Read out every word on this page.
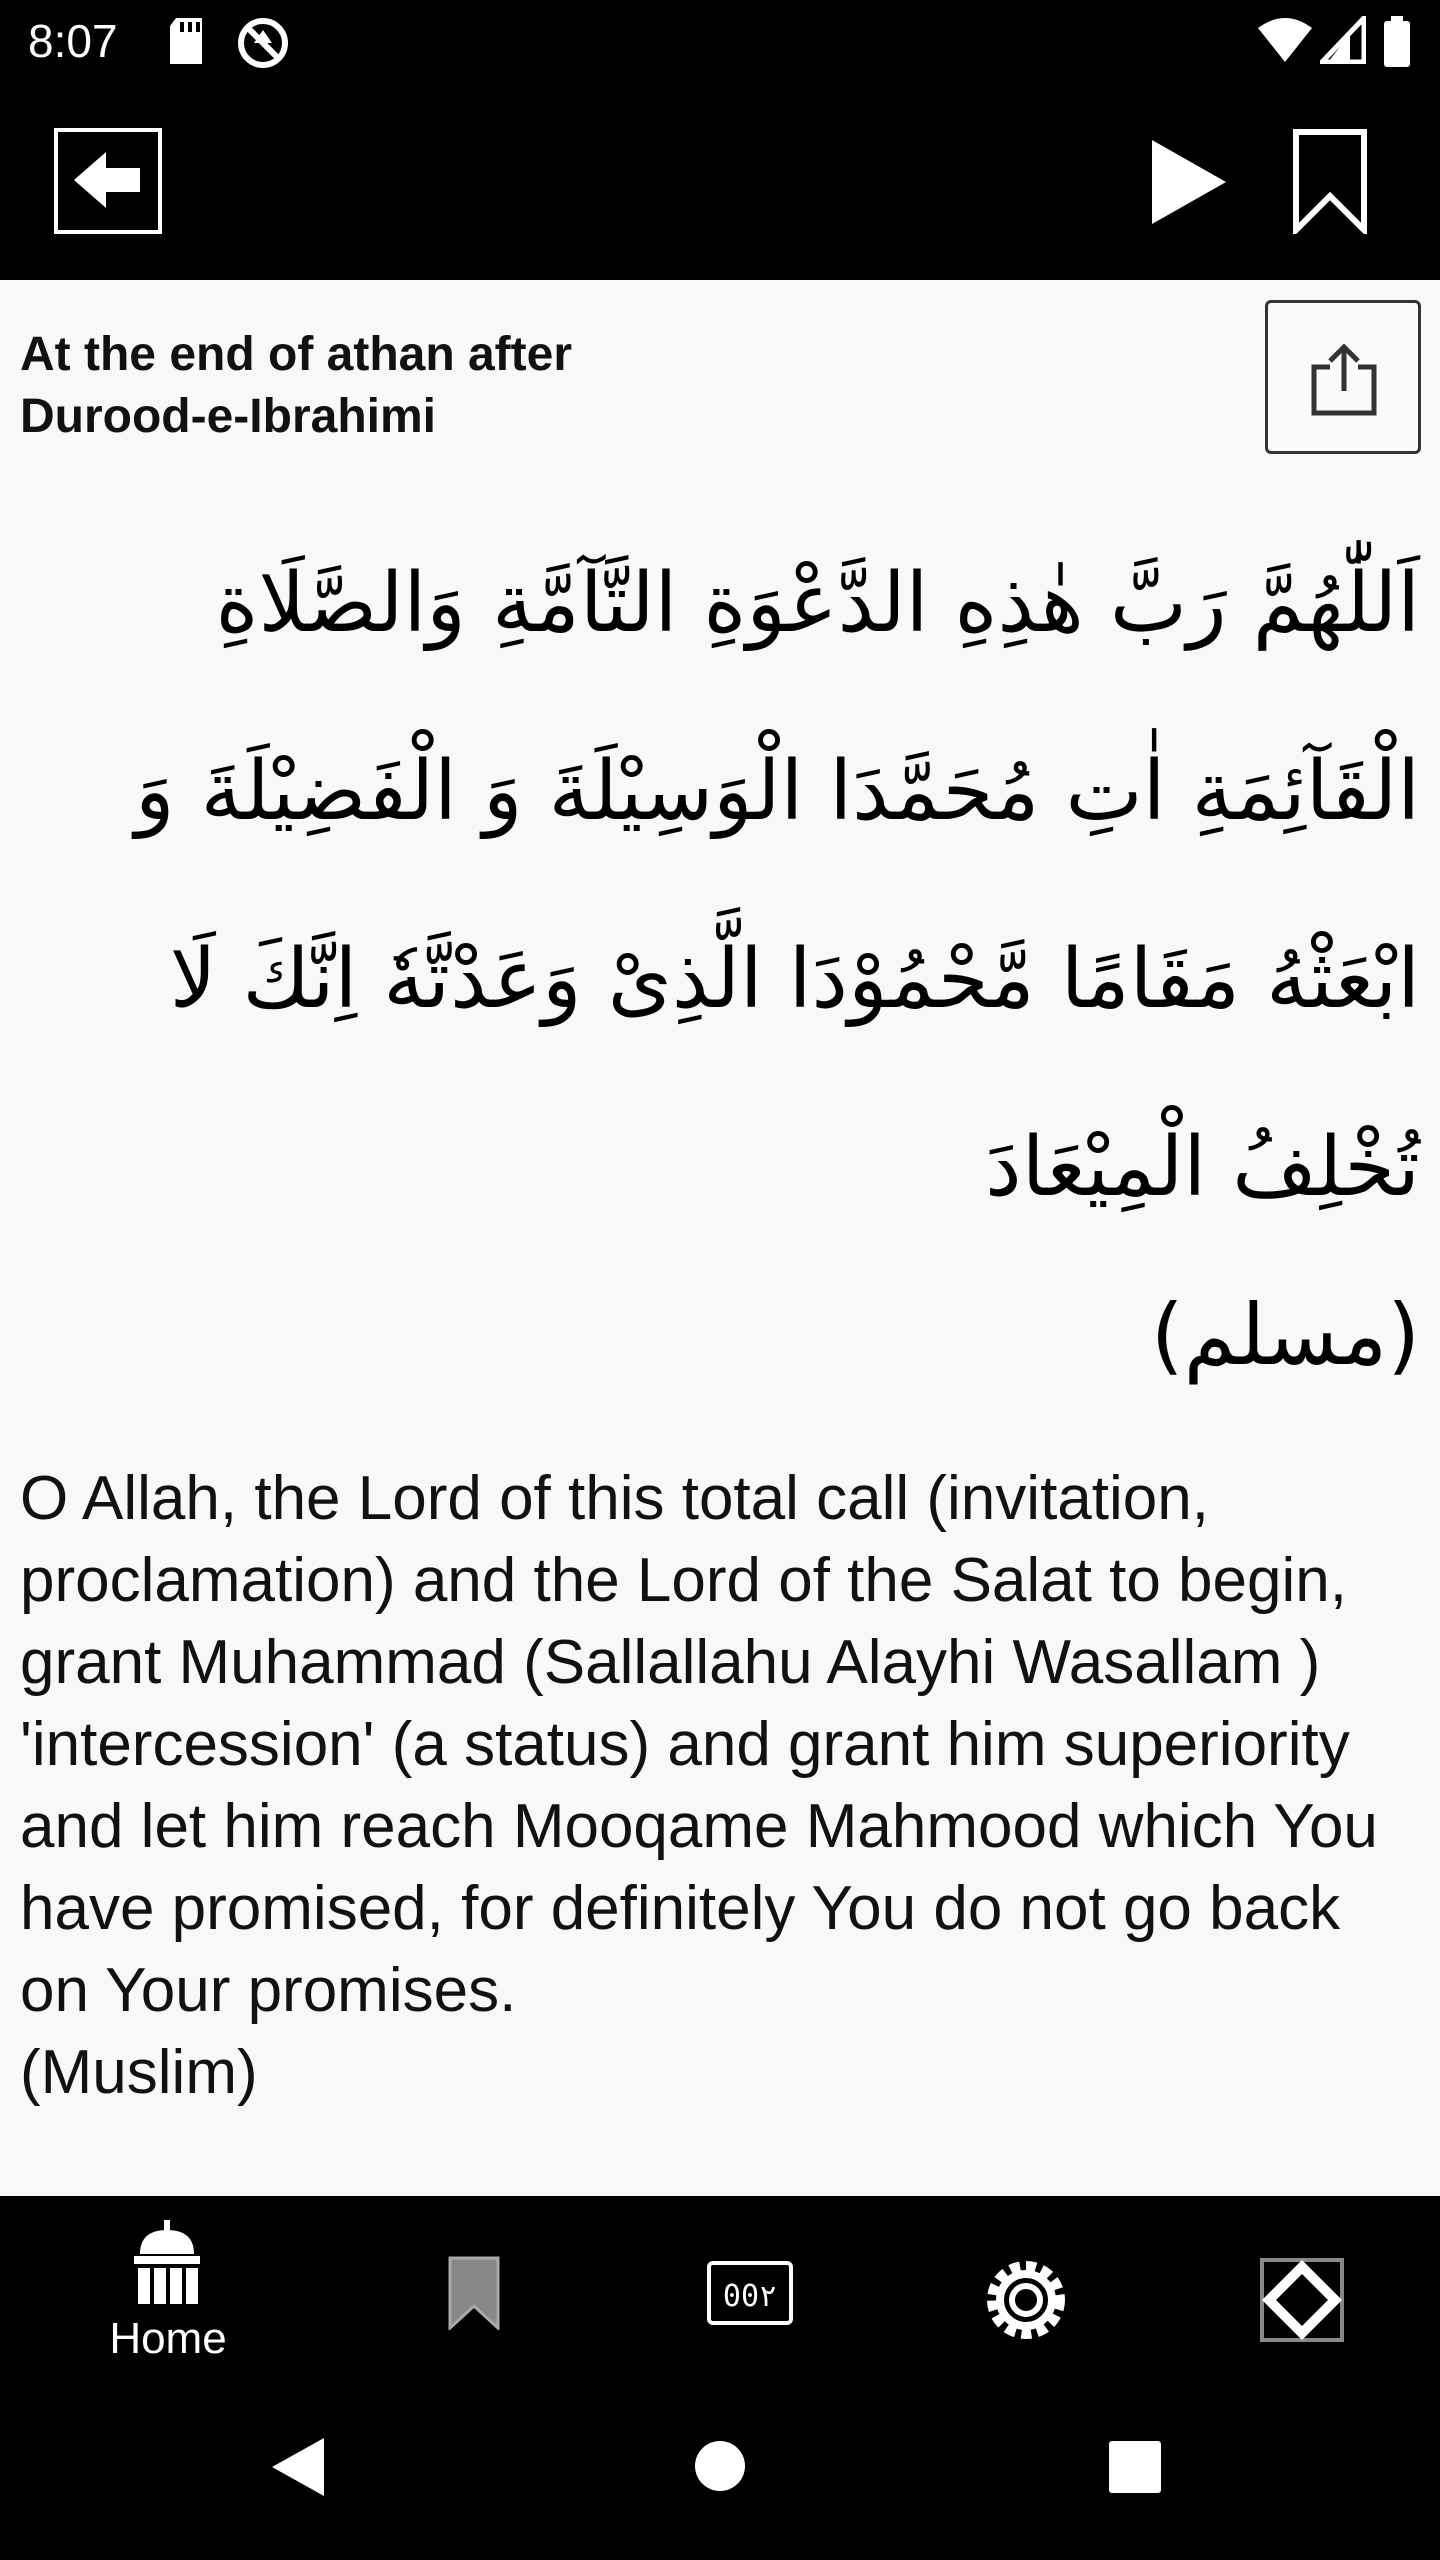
8:07
At the end of athan after
Durood-e-Ibrahimi
اَللّٰهُمَّ رَبَّ هٰذِهِ الدَّعْوَةِ التَّآمَّةِ وَالصَّلَاةِ
الْقَآئِمَةِ اٰتِ مُحَمَّدَا الْوَسِيْلَةَ وَ الْفَضِيْلَةَ وَ
ابْعَثْهُ مَقَامًا مَّحْمُوْدَا الَّذِىْ وَعَدْتَّهٗ اِنَّكَ لَا
تُخْلِفُ الْمِيْعَادَ
(مسلم)
O Allah, the Lord of this total call (invitation, proclamation) and the Lord of the Salat to begin, grant Muhammad (Sallallahu Alayhi Wasallam ) 'intercession' (a status) and grant him superiority and let him reach Mooqame Mahmood which You have promised, for definitely You do not go back on Your promises.
(Muslim)
Home
00٢
